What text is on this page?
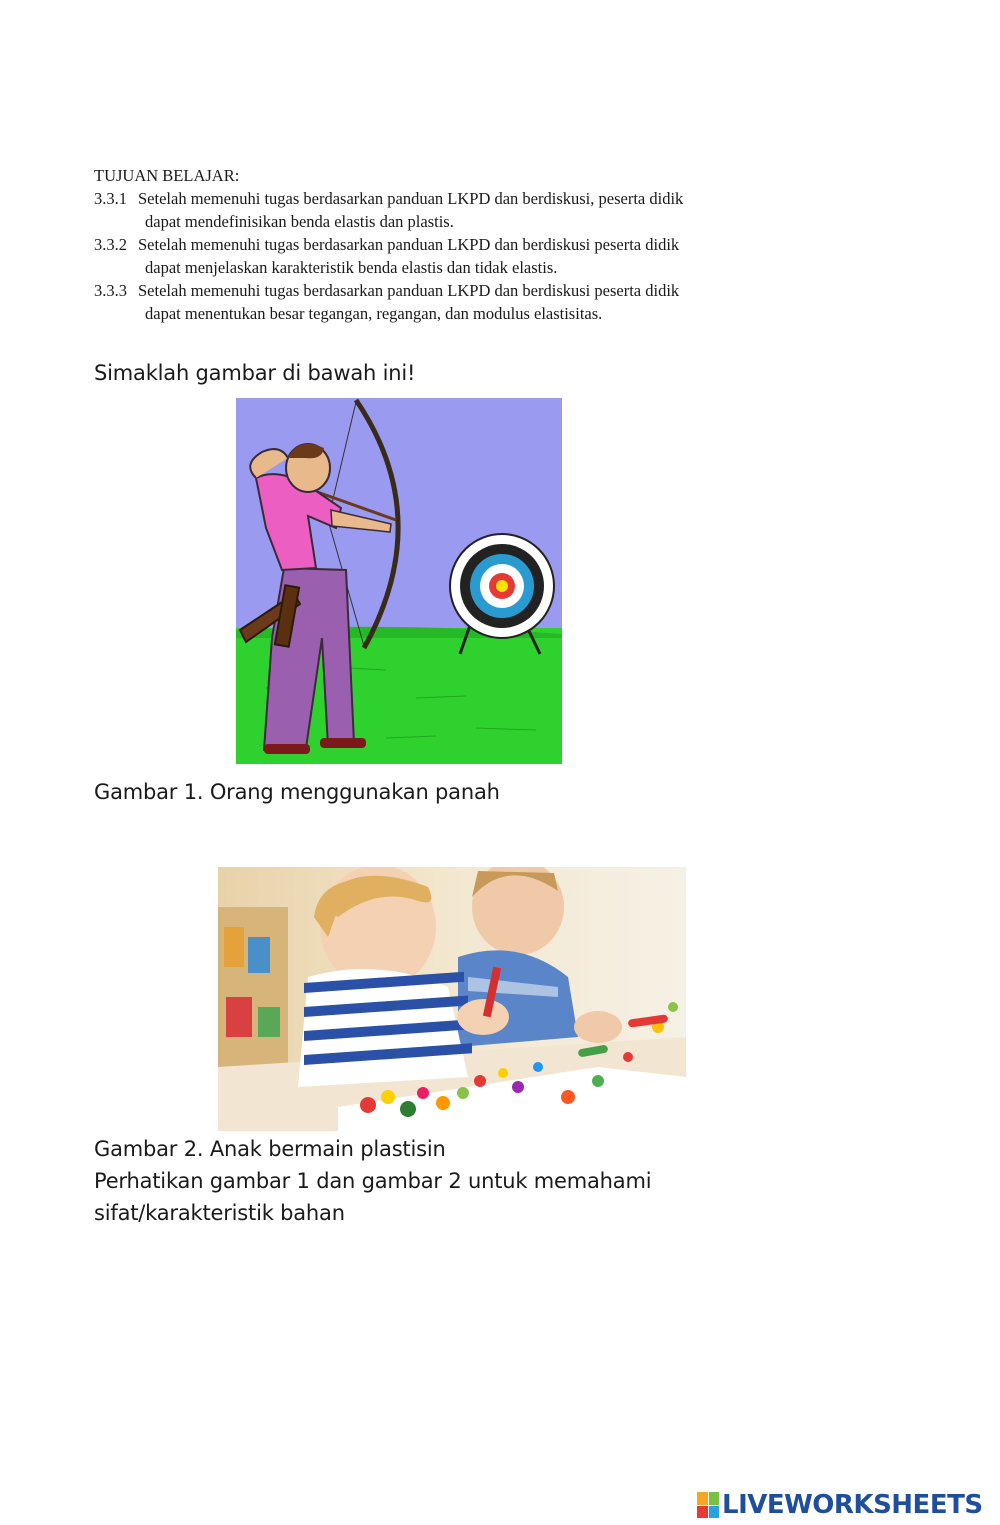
TUJUAN BELAJAR:

3.3.1 Setelah memenuhi tugas berdasarkan panduan LKPD dan berdiskusi, peserta didik
dapat mendefinisikan benda elastis dan plastis.

3.3.2 Setelah memenuhi tugas berdasarkan panduan LKPD dan berdiskusi peserta didik
dapat menjelaskan karakteristik benda elastis dan tidak elastis.

3.3.3 Setelah memenuhi tugas berdasarkan panduan LKPD dan berdiskusi peserta didik
dapat menentukan besar tegangan, regangan, dan modulus elastisitas.

Simaklah gambar di bawah ini!
Gambar 1. Orang menggunakan panah
Gambar 2. Anak bermain plastisin
Perhatikan gambar 1 dan gambar 2 untuk memahami
sifat/karakteristik bahan
LIVEWORKSHEETS
